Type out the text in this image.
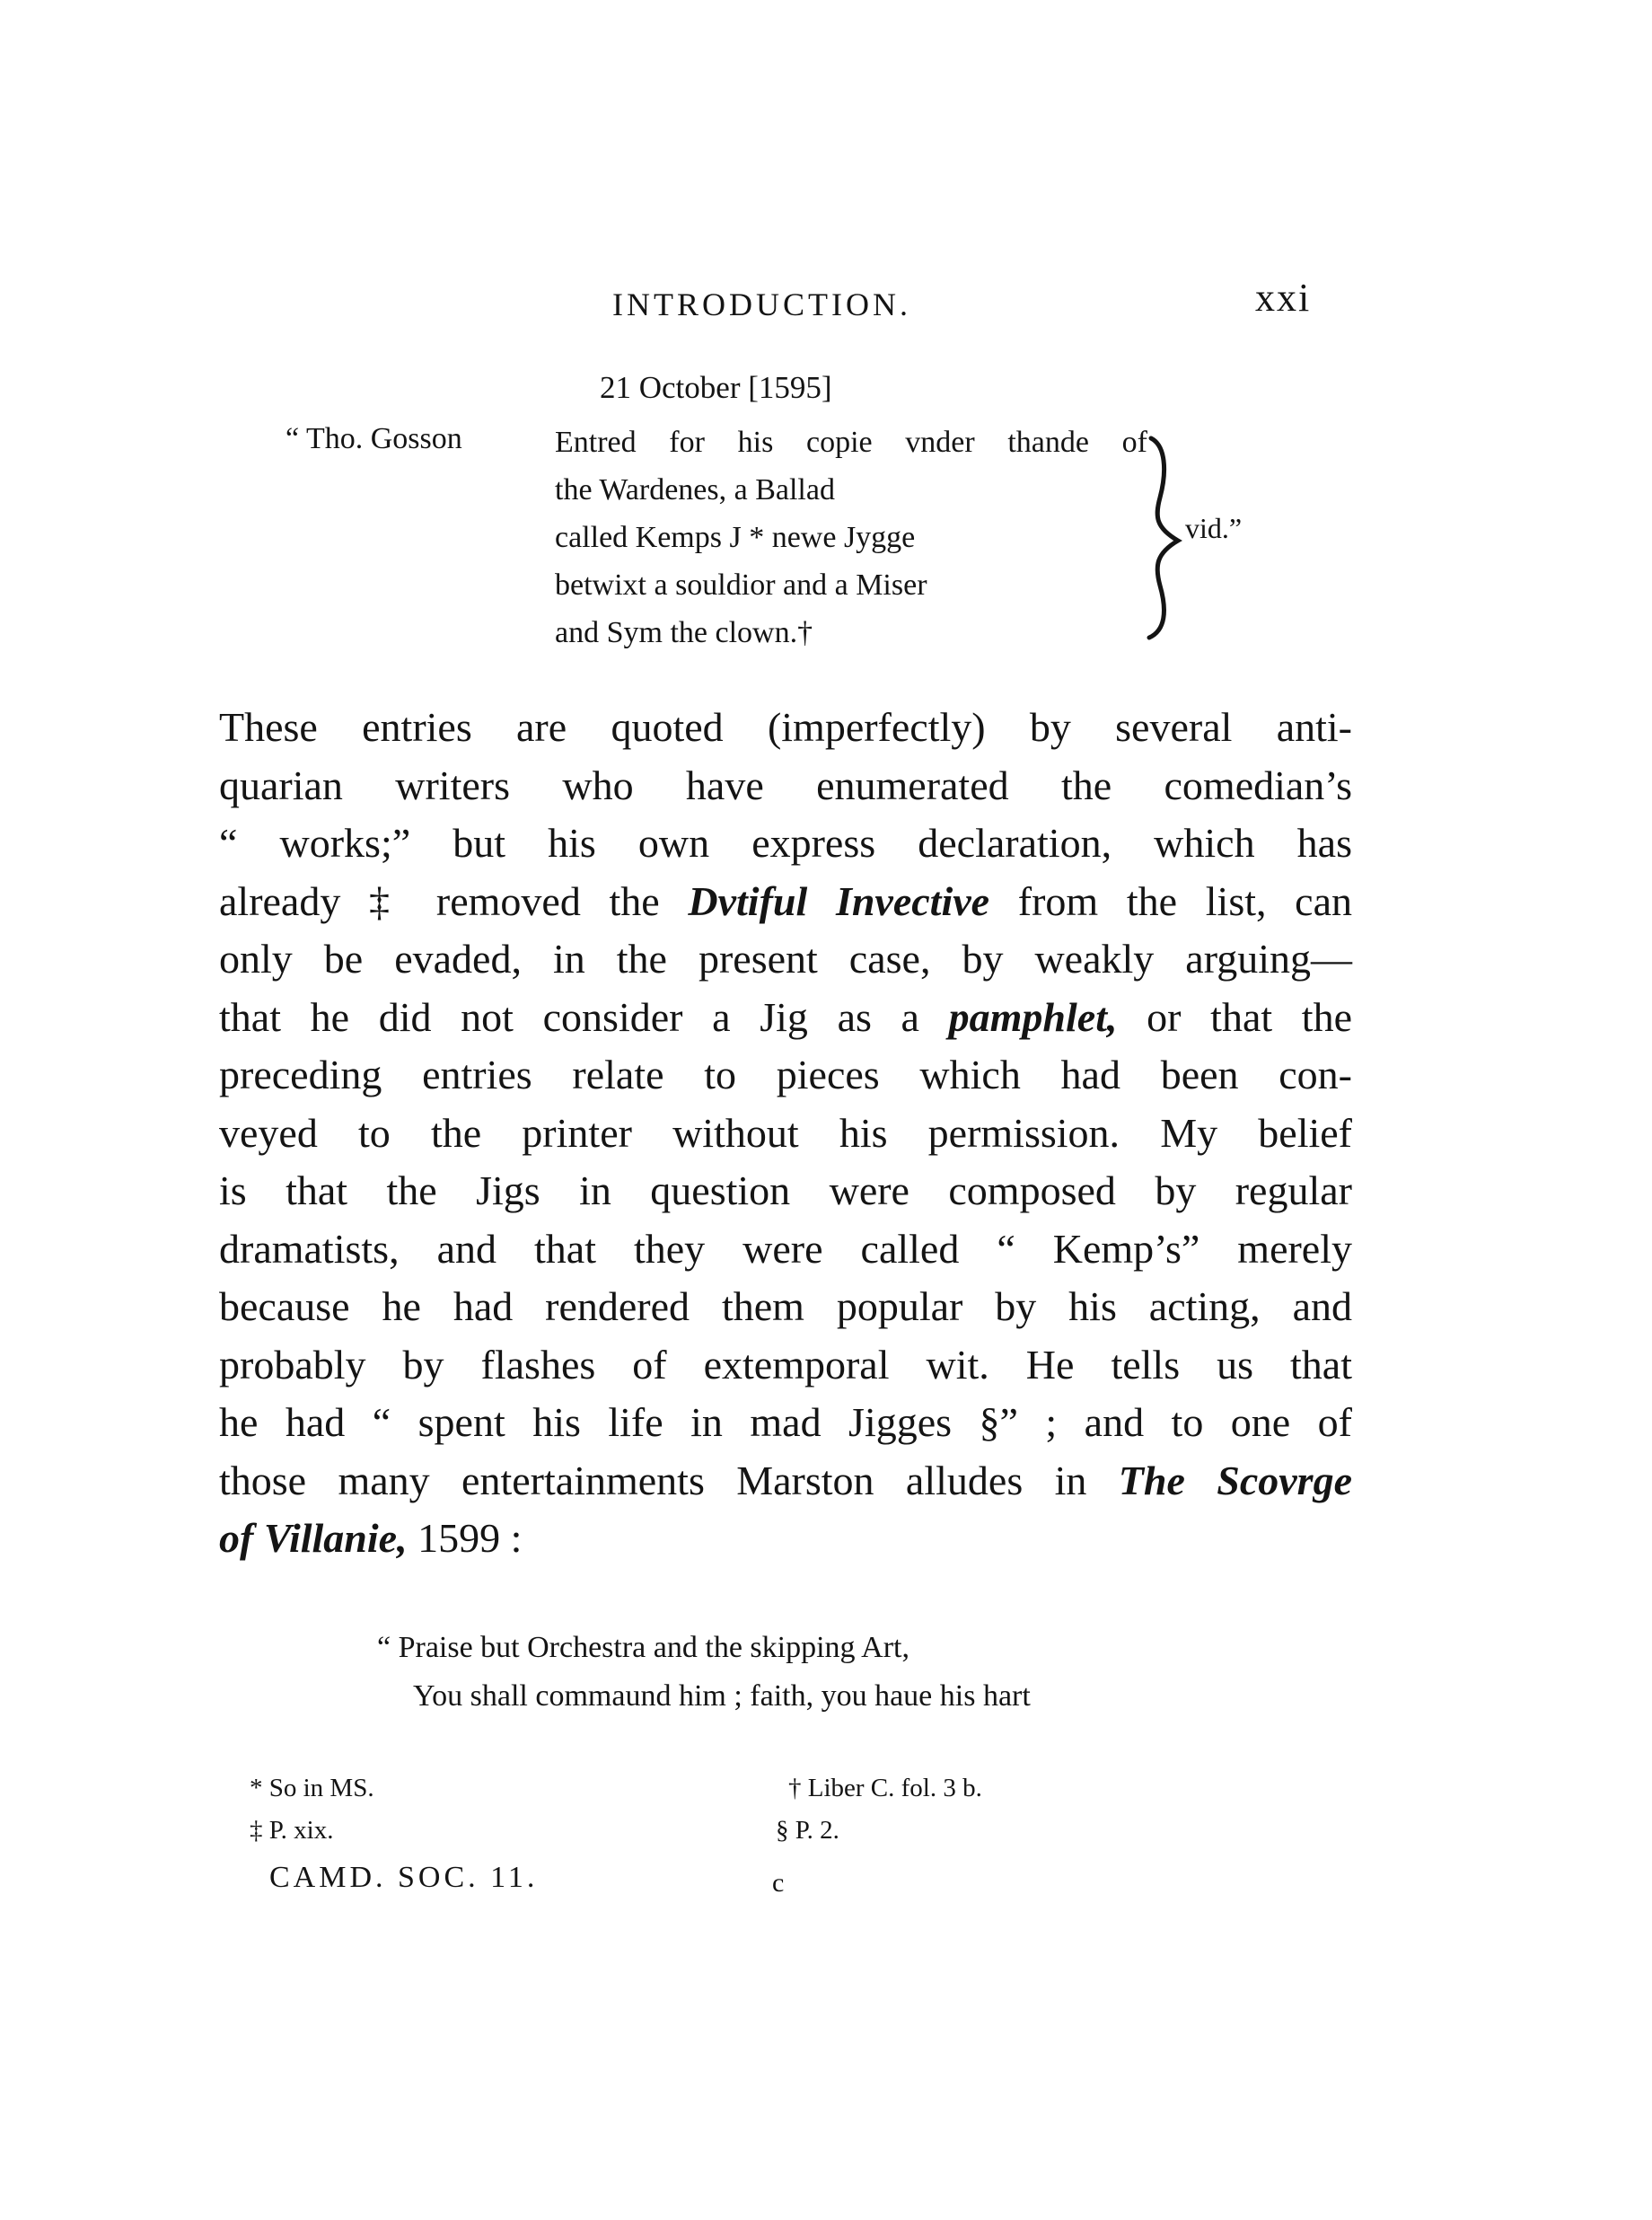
INTRODUCTION.	xxi
21 October [1595]
“ Tho. Gosson	Entred for his copie vnder thande of
the Wardenes, a Ballad
called Kemps J * newe Jygge
betwixt a souldior and a Miser
and Sym the clown.†
vid.”
These entries are quoted (imperfectly) by several anti-
quarian writers who have enumerated the comedian’s
“ works;” but his own express declaration, which has
already ‡ removed the Dvtiful Invective from the list, can
only be evaded, in the present case, by weakly arguing—
that he did not consider a Jig as a pamphlet, or that the
preceding entries relate to pieces which had been con-
veyed to the printer without his permission. My belief
is that the Jigs in question were composed by regular
dramatists, and that they were called “ Kemp’s” merely
because he had rendered them popular by his acting, and
probably by flashes of extemporal wit. He tells us that
he had “ spent his life in mad Jigges §” ; and to one of
those many entertainments Marston alludes in The Scovrge
of Villanie, 1599 :
“ Praise but Orchestra and the skipping Art,
You shall commaund him ; faith, you haue his hart
* So in MS.	† Liber C. fol. 3 b.
‡ P. xix.	§ P. 2.
CAMD. SOC. 11.	c
